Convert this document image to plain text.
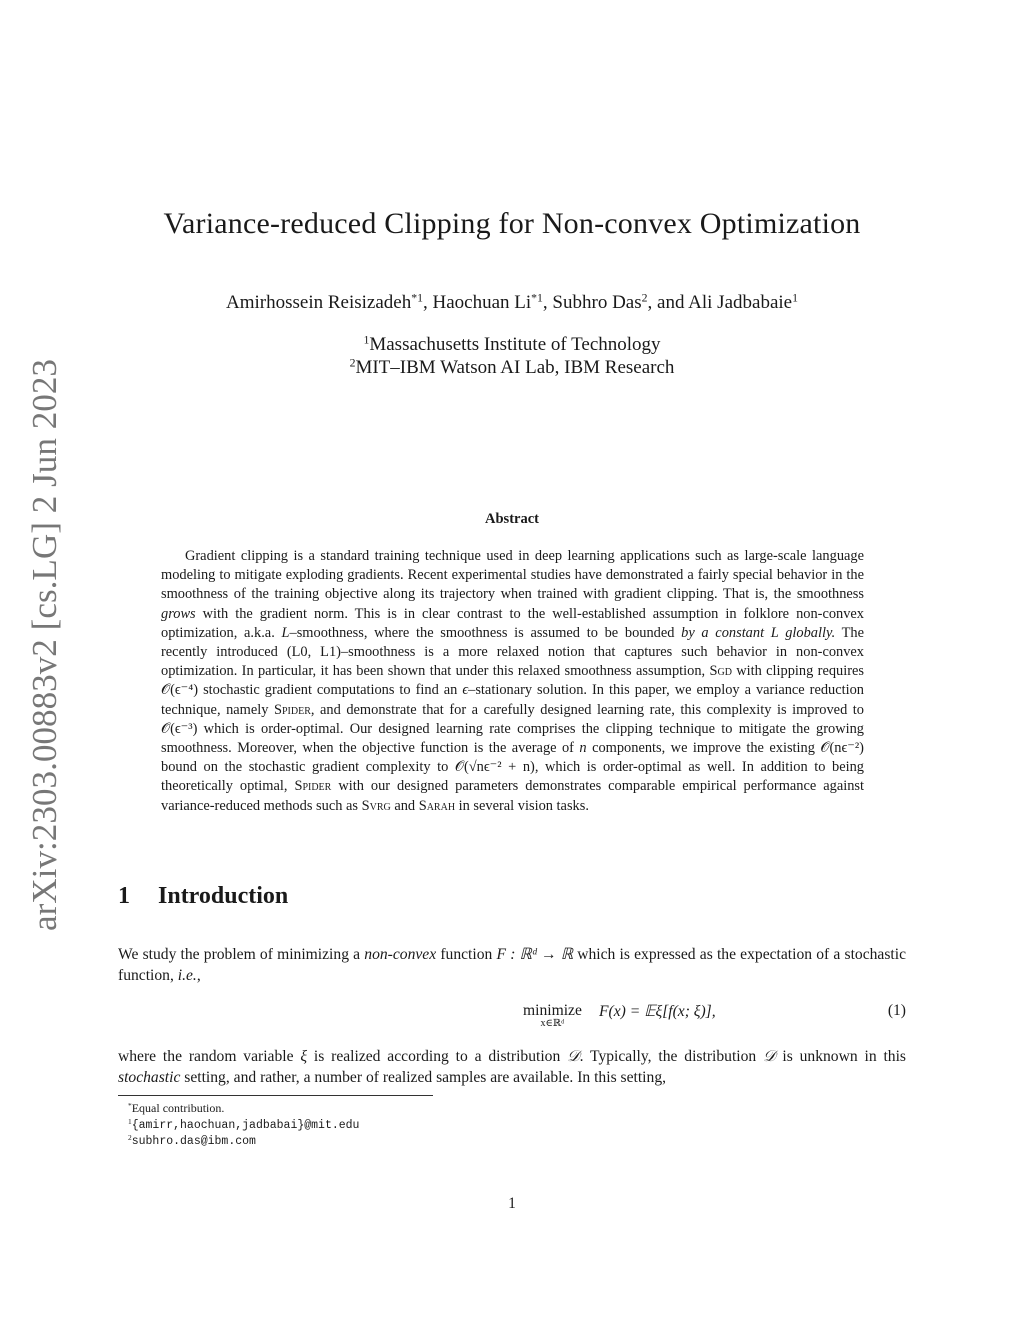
arXiv:2303.00883v2 [cs.LG] 2 Jun 2023
Variance-reduced Clipping for Non-convex Optimization
Amirhossein Reisizadeh$^{*1}$, Haochuan Li$^{*1}$, Subhro Das$^2$, and Ali Jadbabaie$^1$
$^1$Massachusetts Institute of Technology
$^2$MIT–IBM Watson AI Lab, IBM Research
Abstract

Gradient clipping is a standard training technique used in deep learning applications such as large-scale language modeling to mitigate exploding gradients. Recent experimental studies have demonstrated a fairly special behavior in the smoothness of the training objective along its trajectory when trained with gradient clipping. That is, the smoothness grows with the gradient norm. This is in clear contrast to the well-established assumption in folklore non-convex optimization, a.k.a. L–smoothness, where the smoothness is assumed to be bounded by a constant L globally. The recently introduced (L0, L1)–smoothness is a more relaxed notion that captures such behavior in non-convex optimization. In particular, it has been shown that under this relaxed smoothness assumption, Sgd with clipping requires 𝒪(ϵ⁻⁴) stochastic gradient computations to find an ϵ–stationary solution. In this paper, we employ a variance reduction technique, namely Spider, and demonstrate that for a carefully designed learning rate, this complexity is improved to 𝒪(ϵ⁻³) which is order-optimal. Our designed learning rate comprises the clipping technique to mitigate the growing smoothness. Moreover, when the objective function is the average of n components, we improve the existing 𝒪(nϵ⁻²) bound on the stochastic gradient complexity to 𝒪(√nϵ⁻² + n), which is order-optimal as well. In addition to being theoretically optimal, Spider with our designed parameters demonstrates comparable empirical performance against variance-reduced methods such as Svrg and Sarah in several vision tasks.

1 Introduction

We study the problem of minimizing a non-convex function F : ℝᵈ → ℝ which is expressed as the expectation of a stochastic function, i.e.,

minimize
x∈ℝᵈ
F(x) = 𝔼ξ[f(x; ξ)],	(1)

where the random variable ξ is realized according to a distribution 𝒟. Typically, the distribution 𝒟 is unknown in this stochastic setting, and rather, a number of realized samples are available. In this setting,

*Equal contribution.
$^1${amirr,haochuan,jadbabai}@mit.edu
$^2$subhro.das@ibm.com
1
